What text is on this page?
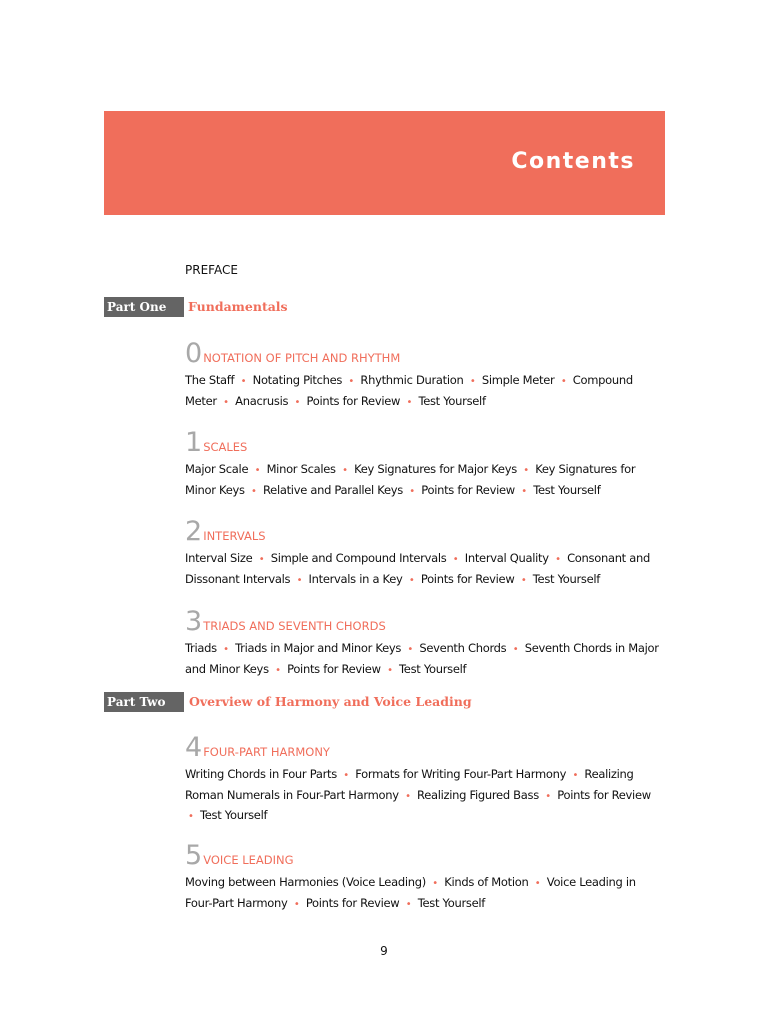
Contents
PREFACE
Part One	Fundamentals
0NOTATION OF PITCH AND RHYTHM
The Staff • Notating Pitches • Rhythmic Duration • Simple Meter • Compound Meter • Anacrusis • Points for Review • Test Yourself
1SCALES
Major Scale • Minor Scales • Key Signatures for Major Keys • Key Signatures for Minor Keys • Relative and Parallel Keys • Points for Review • Test Yourself
2INTERVALS
Interval Size • Simple and Compound Intervals • Interval Quality • Consonant and Dissonant Intervals • Intervals in a Key • Points for Review • Test Yourself
3TRIADS AND SEVENTH CHORDS
Triads • Triads in Major and Minor Keys • Seventh Chords • Seventh Chords in Major and Minor Keys • Points for Review • Test Yourself
Part Two	Overview of Harmony and Voice Leading
4FOUR-PART HARMONY
Writing Chords in Four Parts • Formats for Writing Four-Part Harmony • Realizing Roman Numerals in Four-Part Harmony • Realizing Figured Bass • Points for Review • Test Yourself
5VOICE LEADING
Moving between Harmonies (Voice Leading) • Kinds of Motion • Voice Leading in Four-Part Harmony • Points for Review • Test Yourself
9
